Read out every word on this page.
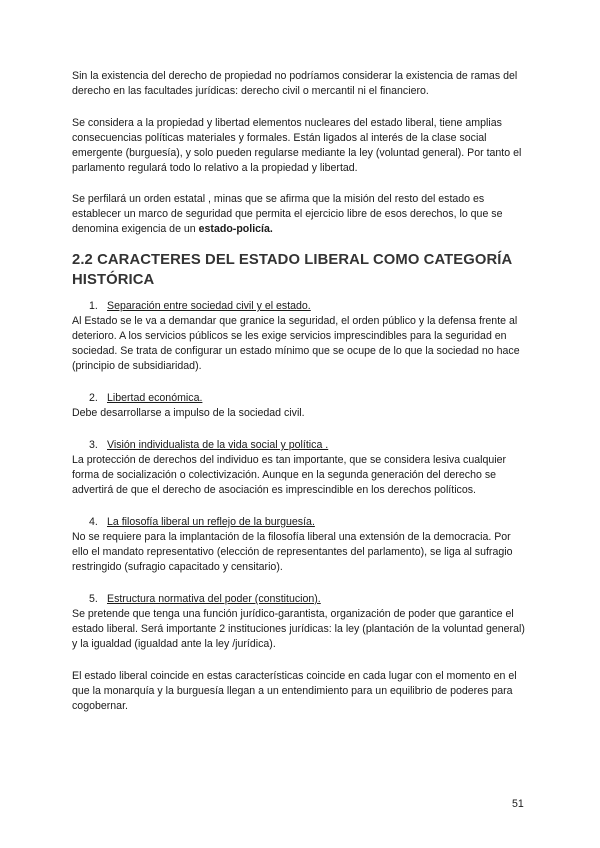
Sin la existencia del derecho de propiedad no podríamos considerar la existencia de ramas del derecho en las facultades jurídicas: derecho civil o mercantil ni el financiero.

Se considera a la propiedad y libertad elementos nucleares del estado liberal, tiene amplias consecuencias políticas materiales y formales. Están ligados al interés de la clase social emergente (burguesía), y solo pueden regularse mediante la ley (voluntad general). Por tanto el parlamento regulará todo lo relativo a la propiedad y libertad.

Se perfilará un orden estatal , minas que se afirma que la misión del resto del estado es establecer un marco de seguridad que permita el ejercicio libre de esos derechos, lo que se denomina exigencia de un estado-policía.

2.2 CARACTERES DEL ESTADO LIBERAL COMO CATEGORÍA HISTÓRICA
1. Separación entre sociedad civil y el estado.

Al Estado se le va a demandar que granice la seguridad, el orden público y la defensa frente al deterioro. A los servicios públicos se les exige servicios imprescindibles para la seguridad en sociedad. Se trata de configurar un estado mínimo que se ocupe de lo que la sociedad no hace (principio de subsidiaridad).

2. Libertad económica.

Debe desarrollarse a impulso de la sociedad civil.

3. Visión individualista de la vida social y política .

La protección de derechos del individuo es tan importante, que se considera lesiva cualquier forma de socialización o colectivización. Aunque en la segunda generación del derecho se advertirá de que el derecho de asociación es imprescindible en los derechos políticos.

4. La filosofía liberal un reflejo de la burguesía.

No se requiere para la implantación de la filosofía liberal una extensión de la democracia. Por ello el mandato representativo (elección de representantes del parlamento), se liga al sufragio restringido (sufragio capacitado y censitario).

5. Estructura normativa del poder (constitucion).

Se pretende que tenga una función jurídico-garantista, organización de poder que garantice el estado liberal. Será importante 2 instituciones jurídicas: la ley (plantación de la voluntad general) y la igualdad (igualdad ante la ley /jurídica).

El estado liberal coincide en estas características coincide en cada lugar con el momento en el que la monarquía y la burguesía llegan a un entendimiento para un equilibrio de poderes para cogobernar.

51
